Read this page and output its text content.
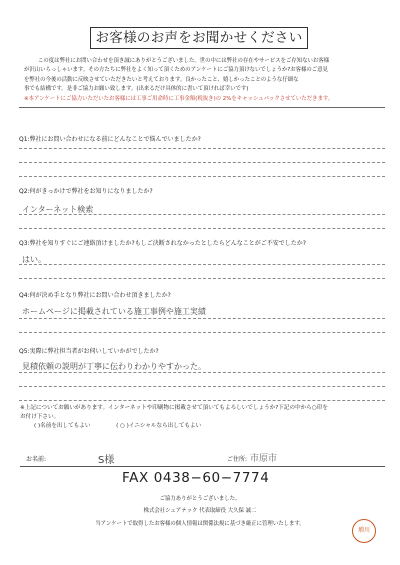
お客様のお声をお聞かせください
この度は弊社にお問い合わせを頂き誠にありがとうございました。世の中には弊社の存在やサービスをご存知ないお客様
が沢山いらっしゃいます。その方たちに弊社をよく知って頂くためのアンケートにご協力頂けないでしょうか?お客様のご意見
を弊社の今後の活動に反映させていただきたいと考えております。良かったこと、嬉しかったことのような仔細な
事でも結構です。是非ご協力お願い致します。(出来るだけ具体的に書いて頂ければ幸いです)
※本アンケートにご協力いただいたお客様には工事ご用命時に工事金額(税抜き)の 2%をキャッシュバックさせていただきます。
Q1:弊社にお問い合わせになる前にどんなことで悩んでいましたか?
Q2:何がきっかけで弊社をお知りになりましたか?
インターネット検索
Q3:弊社を知りすぐにご連絡頂けましたか?もしご決断されなかったとしたらどんなことがご不安でしたか?
はい。
Q4:何が決め手となり弊社にお問い合わせ頂きましたか?
ホームページに掲載されている施工事例や施工実績
Q5:実際に弊社担当者がお伺いしていかがでしたか?
見積依頼の説明が丁寧に伝わりわかりやすかった。
※上記についてお願いがあります。インターネットや印刷物に掲載させて頂いてもよろしいでしょうか?下記の中から○印を
お付け下さい。
( )名前を出してもよい	( ○ )イニシャルなら出してもよい
お名前:	S様	ご住所: 市原市
FAX 0438−60−7774
ご協力ありがとうございました。
株式会社シェアテック 代表取締役 大久保 誠二
当アンケートで取得したお客様の個人情報は関係法規に基づき厳正に管理いたします。
増川
